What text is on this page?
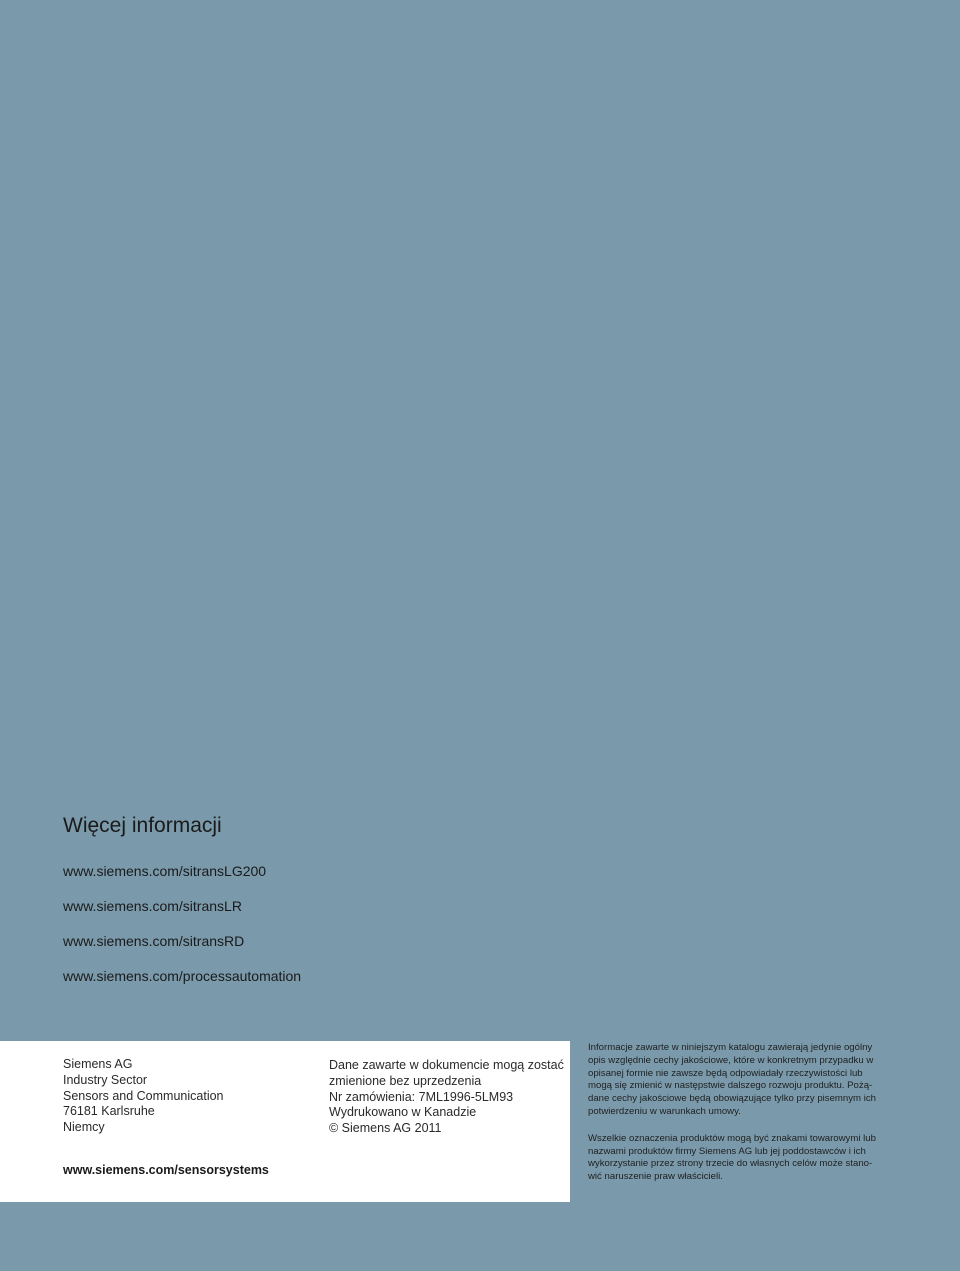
Więcej informacji
www.siemens.com/sitransLG200
www.siemens.com/sitransLR
www.siemens.com/sitransRD
www.siemens.com/processautomation
Siemens AG
Industry Sector
Sensors and Communication
76181 Karlsruhe
Niemcy
www.siemens.com/sensorsystems
Dane zawarte w dokumencie mogą zostać
zmienione bez uprzedzenia
Nr zamówienia: 7ML1996-5LM93
Wydrukowano w Kanadzie
© Siemens AG 2011

Informacje zawarte w niniejszym katalogu zawierają jedynie ogólny
opis względnie cechy jakościowe, które w konkretnym przypadku w
opisanej formie nie zawsze będą odpowiadały rzeczywistości lub
mogą się zmienić w następstwie dalszego rozwoju produktu. Pożą-
dane cechy jakościowe będą obowiązujące tylko przy pisemnym ich
potwierdzeniu w warunkach umowy.

Wszelkie oznaczenia produktów mogą być znakami towarowymi lub
nazwami produktów firmy Siemens AG lub jej poddostawców i ich
wykorzystanie przez strony trzecie do własnych celów może stano-
wić naruszenie praw właścicieli.
